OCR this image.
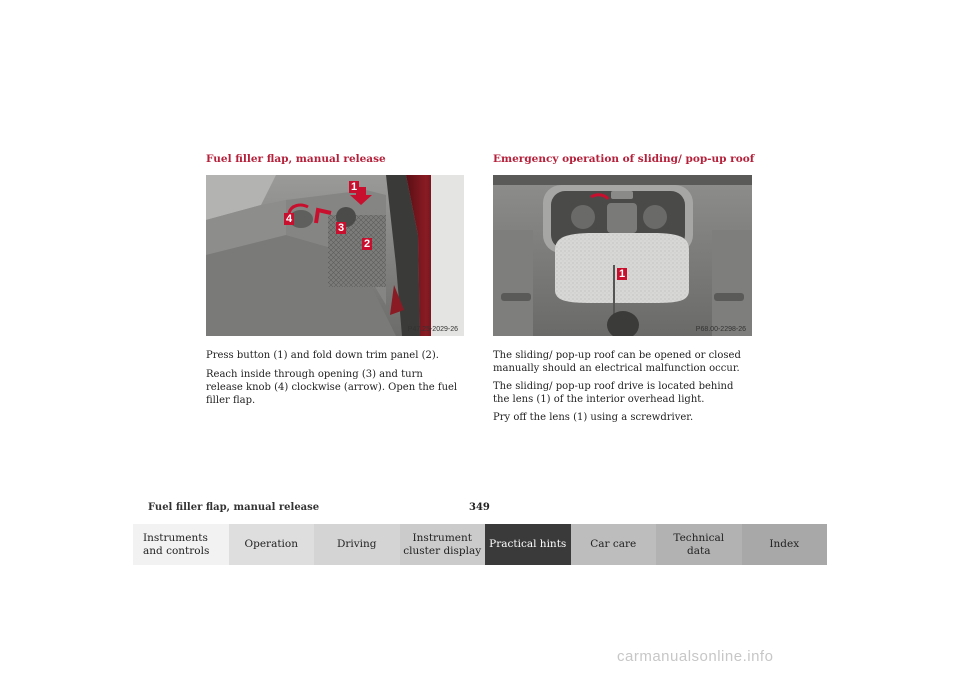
Fuel filler flap, manual release
1
2
3
4
P47.25-2029-26
Press button (1) and fold down trim panel (2).
Reach inside through opening (3) and turn release knob (4) clockwise (arrow). Open the fuel filler flap.
Emergency operation of sliding/ pop-up roof
1
P68.00-2298-26
The sliding/ pop-up roof can be opened or closed manually should an electrical malfunction occur.
The sliding/ pop-up roof drive is located behind the lens (1) of the interior overhead light.
Pry off the lens (1) using a screwdriver.
Fuel filler flap, manual release	349
Instruments
and controls
Operation	Driving
Instrument
cluster display
Practical hints Car care
Technical
data
Index
carmanualsonline.info
